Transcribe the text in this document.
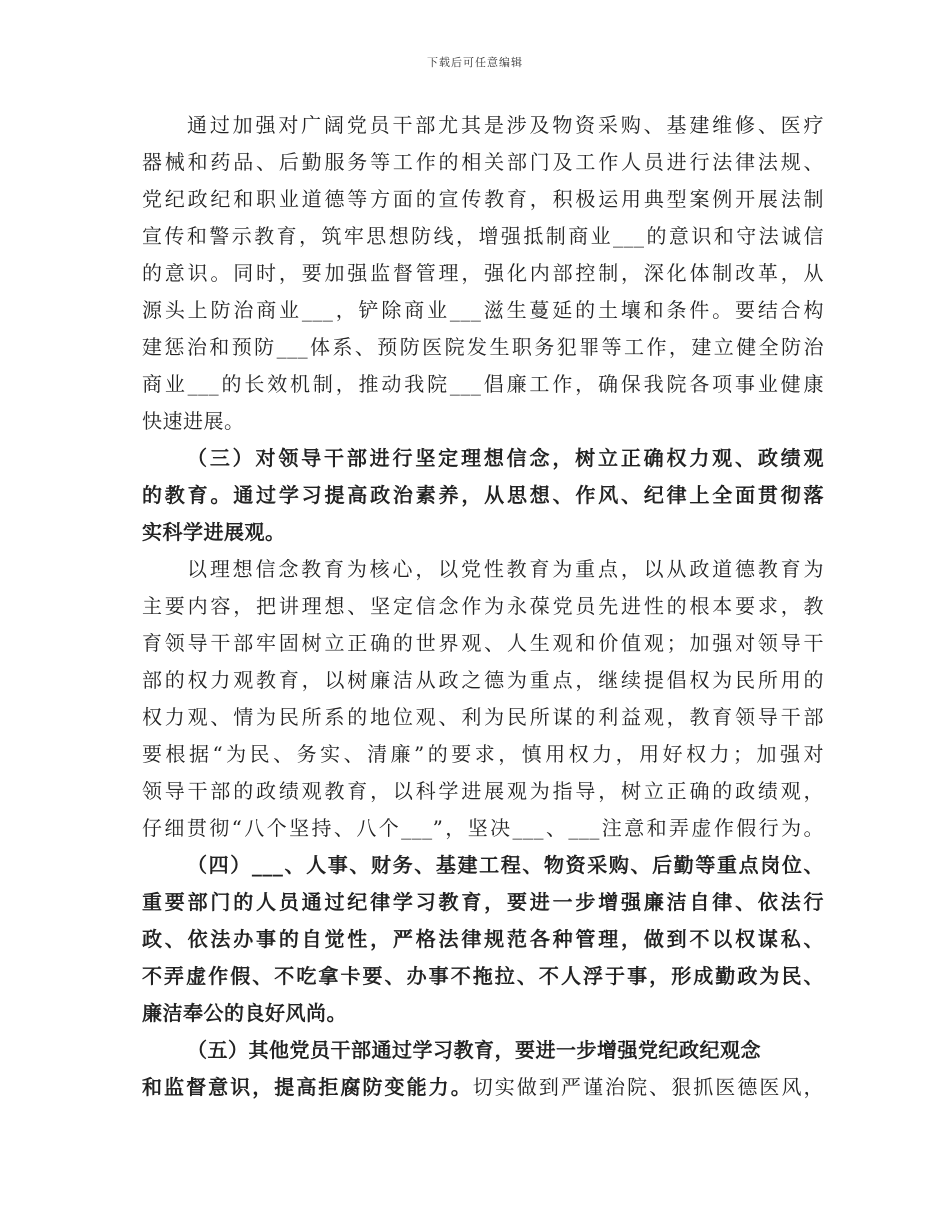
下载后可任意编辑
通过加强对广阔党员干部尤其是涉及物资采购、基建维修、医疗
器械和药品、后勤服务等工作的相关部门及工作人员进行法律法规、
党纪政纪和职业道德等方面的宣传教育，积极运用典型案例开展法制
宣传和警示教育，筑牢思想防线，增强抵制商业___的意识和守法诚信
的意识。同时，要加强监督管理，强化内部控制，深化体制改革，从
源头上防治商业___，铲除商业___滋生蔓延的土壤和条件。要结合构
建惩治和预防___体系、预防医院发生职务犯罪等工作，建立健全防治
商业___的长效机制，推动我院___倡廉工作，确保我院各项事业健康
快速进展。
（三）对领导干部进行坚定理想信念，树立正确权力观、政绩观
的教育。通过学习提高政治素养，从思想、作风、纪律上全面贯彻落
实科学进展观。
以理想信念教育为核心，以党性教育为重点，以从政道德教育为
主要内容，把讲理想、坚定信念作为永葆党员先进性的根本要求，教
育领导干部牢固树立正确的世界观、人生观和价值观；加强对领导干
部的权力观教育，以树廉洁从政之德为重点，继续提倡权为民所用的
权力观、情为民所系的地位观、利为民所谋的利益观，教育领导干部
要根据“为民、务实、清廉”的要求，慎用权力，用好权力；加强对
领导干部的政绩观教育，以科学进展观为指导，树立正确的政绩观，
仔细贯彻“八个坚持、八个___”，坚决___、___注意和弄虚作假行为。
（四）___、人事、财务、基建工程、物资采购、后勤等重点岗位、
重要部门的人员通过纪律学习教育，要进一步增强廉洁自律、依法行
政、依法办事的自觉性，严格法律规范各种管理，做到不以权谋私、
不弄虚作假、不吃拿卡要、办事不拖拉、不人浮于事，形成勤政为民、
廉洁奉公的良好风尚。
（五）其他党员干部通过学习教育，要进一步增强党纪政纪观念
和监督意识，提高拒腐防变能力。切实做到严谨治院、狠抓医德医风，
